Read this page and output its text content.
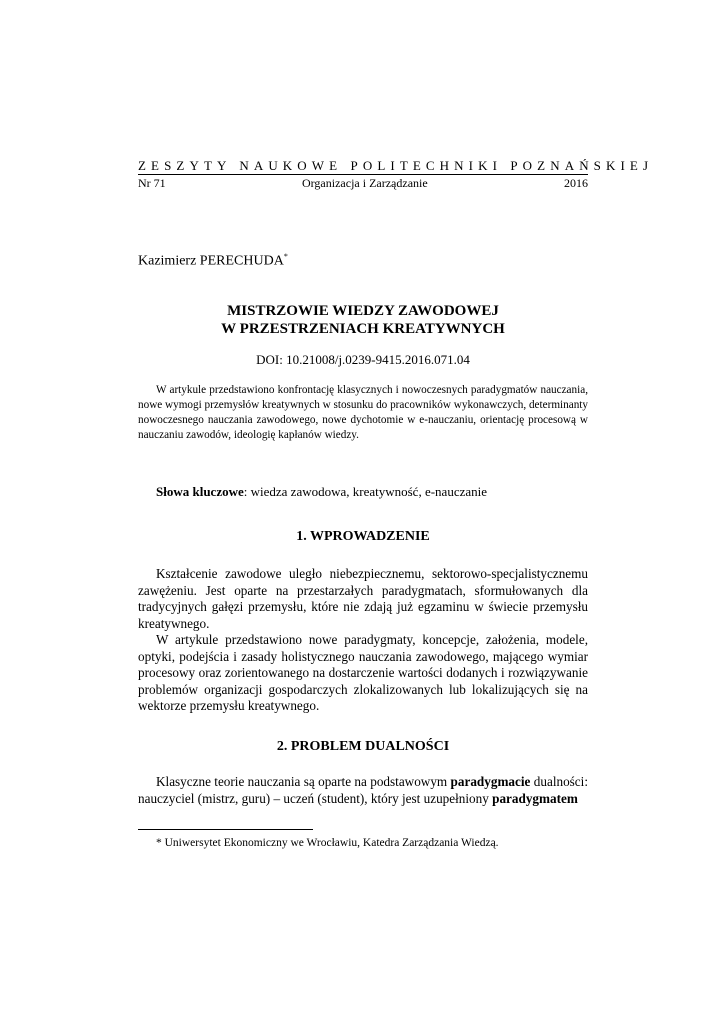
ZESZYTY NAUKOWE POLITECHNIKI POZNAŃSKIEJ
Nr 71	Organizacja i Zarządzanie	2016
Kazimierz PERECHUDA*
MISTRZOWIE WIEDZY ZAWODOWEJ
W PRZESTRZENIACH KREATYWNYCH
DOI: 10.21008/j.0239-9415.2016.071.04
W artykule przedstawiono konfrontację klasycznych i nowoczesnych paradygmatów nauczania, nowe wymogi przemysłów kreatywnych w stosunku do pracowników wykonawczych, determinanty nowoczesnego nauczania zawodowego, nowe dychotomie w e-nauczaniu, orientację procesową w nauczaniu zawodów, ideologię kapłanów wiedzy.
Słowa kluczowe: wiedza zawodowa, kreatywność, e-nauczanie
1. WPROWADZENIE
Kształcenie zawodowe uległo niebezpiecznemu, sektorowo-specjalistycznemu zawężeniu. Jest oparte na przestarzałych paradygmatach, sformułowanych dla tradycyjnych gałęzi przemysłu, które nie zdają już egzaminu w świecie przemysłu kreatywnego.
W artykule przedstawiono nowe paradygmaty, koncepcje, założenia, modele, optyki, podejścia i zasady holistycznego nauczania zawodowego, mającego wymiar procesowy oraz zorientowanego na dostarczenie wartości dodanych i rozwiązywanie problemów organizacji gospodarczych zlokalizowanych lub lokalizujących się na wektorze przemysłu kreatywnego.
2. PROBLEM DUALNOŚCI
Klasyczne teorie nauczania są oparte na podstawowym paradygmacie dualności: nauczyciel (mistrz, guru) – uczeń (student), który jest uzupełniony paradygmatem
* Uniwersytet Ekonomiczny we Wrocławiu, Katedra Zarządzania Wiedzą.
